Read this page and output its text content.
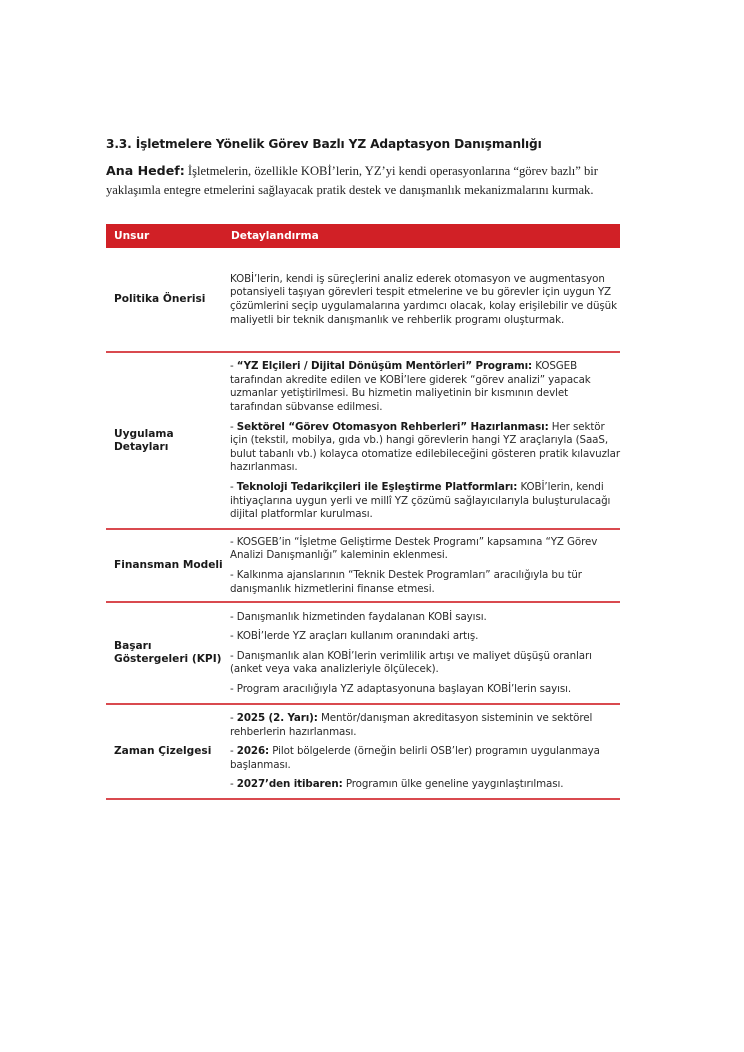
3.3. İşletmelere Yönelik Görev Bazlı YZ Adaptasyon Danışmanlığı

Ana Hedef: İşletmelerin, özellikle KOBİ’lerin, YZ’yi kendi operasyonlarına “görev bazlı” bir yaklaşımla entegre etmelerini sağlayacak pratik destek ve danışmanlık mekanizmalarını kurmak.

Unsur	Detaylandırma
Politika Önerisi	KOBİ’lerin, kendi iş süreçlerini analiz ederek otomasyon ve augmentasyon potansiyeli taşıyan görevleri tespit etmelerine ve bu görevler için uygun YZ çözümlerini seçip uygulamalarına yardımcı olacak, kolay erişilebilir ve düşük maliyetli bir teknik danışmanlık ve rehberlik programı oluşturmak.

Uygulama Detayları	- “YZ Elçileri / Dijital Dönüşüm Mentörleri” Programı: KOSGEB tarafından akredite edilen ve KOBİ’lere giderek “görev analizi” yapacak uzmanlar yetiştirilmesi. Bu hizmetin maliyetinin bir kısmının devlet tarafından sübvanse edilmesi.

- Sektörel “Görev Otomasyon Rehberleri” Hazırlanması: Her sektör için (tekstil, mobilya, gıda vb.) hangi görevlerin hangi YZ araçlarıyla (SaaS, bulut tabanlı vb.) kolayca otomatize edilebileceğini gösteren pratik kılavuzlar hazırlanması.

- Teknoloji Tedarikçileri ile Eşleştirme Platformları: KOBİ’lerin, kendi ihtiyaçlarına uygun yerli ve millî YZ çözümü sağlayıcılarıyla buluşturulacağı dijital platformlar kurulması.

Finansman Modeli	- KOSGEB’in “İşletme Geliştirme Destek Programı” kapsamına “YZ Görev Analizi Danışmanlığı” kaleminin eklenmesi.

- Kalkınma ajanslarının “Teknik Destek Programları” aracılığıyla bu tür danışmanlık hizmetlerini finanse etmesi.

Başarı Göstergeleri (KPI)	- Danışmanlık hizmetinden faydalanan KOBİ sayısı.

- KOBİ’lerde YZ araçları kullanım oranındaki artış.

- Danışmanlık alan KOBİ’lerin verimlilik artışı ve maliyet düşüşü oranları (anket veya vaka analizleriyle ölçülecek).

- Program aracılığıyla YZ adaptasyonuna başlayan KOBİ’lerin sayısı.

Zaman Çizelgesi	- 2025 (2. Yarı): Mentör/danışman akreditasyon sisteminin ve sektörel rehberlerin hazırlanması.

- 2026: Pilot bölgelerde (örneğin belirli OSB’ler) programın uygulanmaya başlanması.

- 2027’den itibaren: Programın ülke geneline yaygınlaştırılması.
